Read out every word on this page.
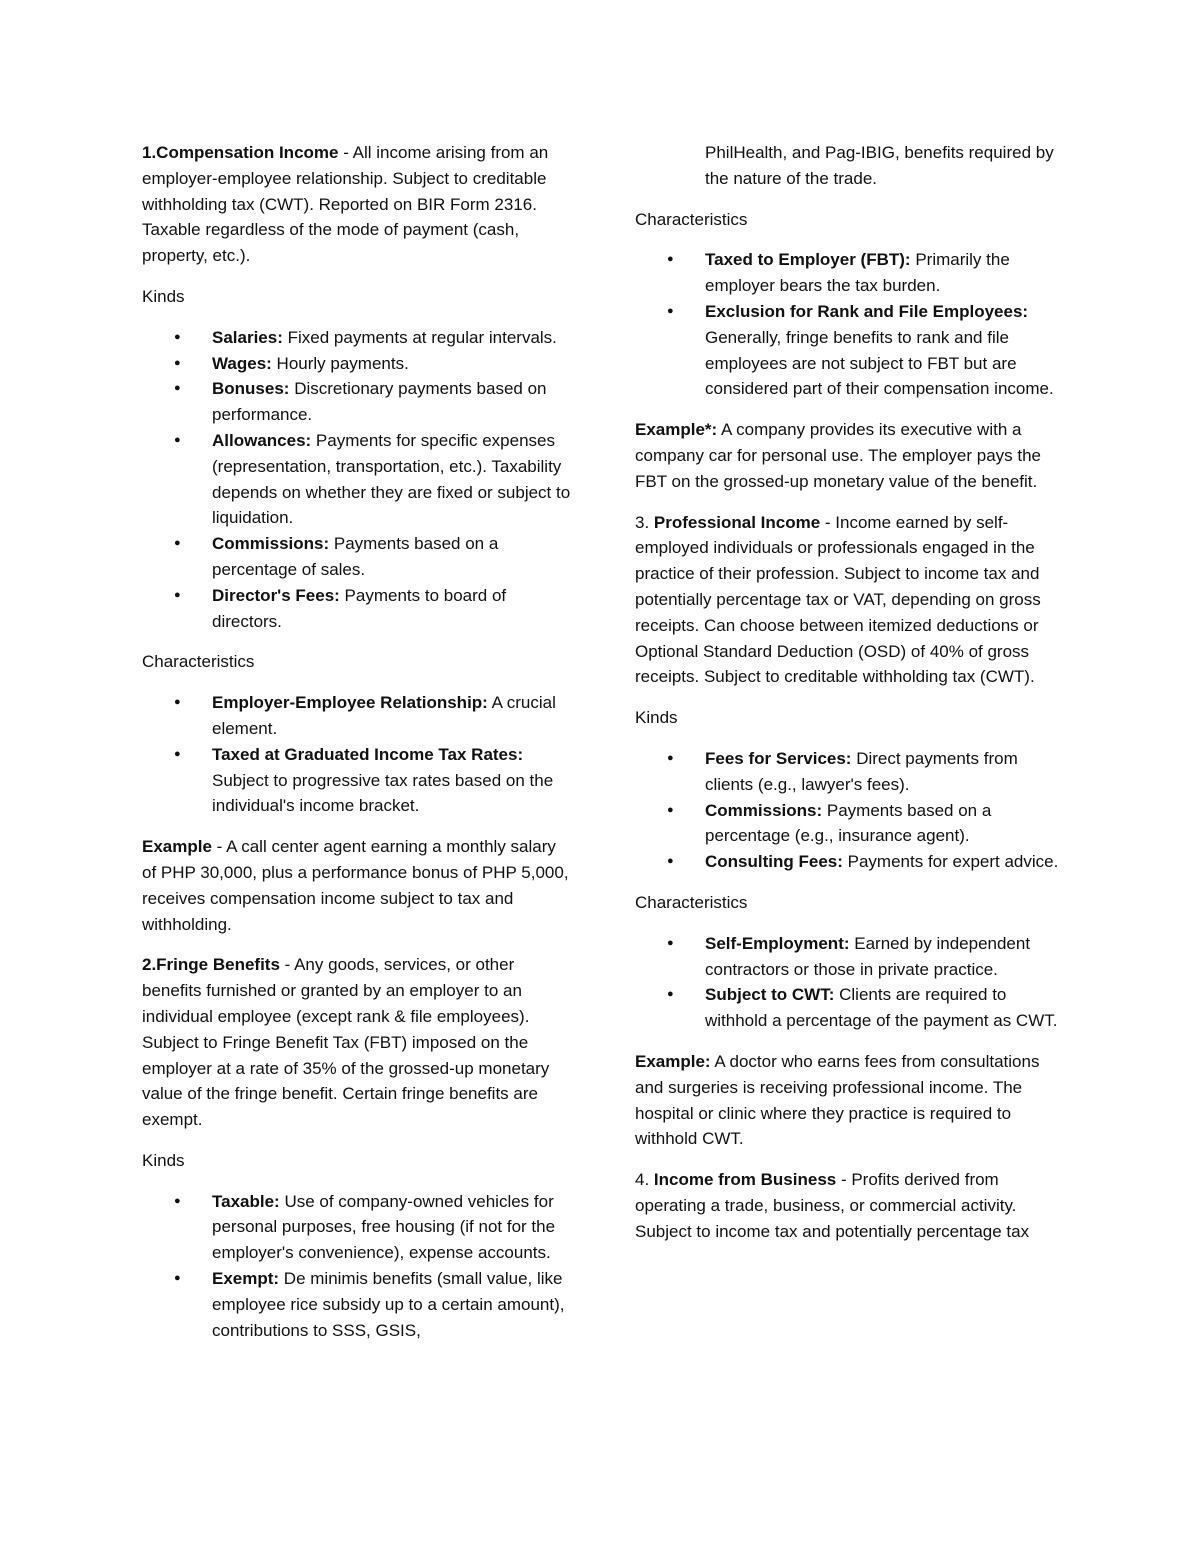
1.Compensation Income - All income arising from an employer-employee relationship. Subject to creditable withholding tax (CWT). Reported on BIR Form 2316. Taxable regardless of the mode of payment (cash, property, etc.).

Kinds

● Salaries: Fixed payments at regular intervals.
● Wages: Hourly payments.
● Bonuses: Discretionary payments based on performance.
● Allowances: Payments for specific expenses (representation, transportation, etc.). Taxability depends on whether they are fixed or subject to liquidation.
● Commissions: Payments based on a percentage of sales.
● Director's Fees: Payments to board of directors.

Characteristics

● Employer-Employee Relationship: A crucial element.
● Taxed at Graduated Income Tax Rates: Subject to progressive tax rates based on the individual's income bracket.

Example - A call center agent earning a monthly salary of PHP 30,000, plus a performance bonus of PHP 5,000, receives compensation income subject to tax and withholding.

2.Fringe Benefits - Any goods, services, or other benefits furnished or granted by an employer to an individual employee (except rank & file employees). Subject to Fringe Benefit Tax (FBT) imposed on the employer at a rate of 35% of the grossed-up monetary value of the fringe benefit. Certain fringe benefits are exempt.

Kinds

● Taxable: Use of company-owned vehicles for personal purposes, free housing (if not for the employer's convenience), expense accounts.
● Exempt: De minimis benefits (small value, like employee rice subsidy up to a certain amount), contributions to SSS, GSIS,

PhilHealth, and Pag-IBIG, benefits required by the nature of the trade.

Characteristics

● Taxed to Employer (FBT): Primarily the employer bears the tax burden.
● Exclusion for Rank and File Employees: Generally, fringe benefits to rank and file employees are not subject to FBT but are considered part of their compensation income.

Example*: A company provides its executive with a company car for personal use. The employer pays the FBT on the grossed-up monetary value of the benefit.

3. Professional Income - Income earned by self-employed individuals or professionals engaged in the practice of their profession. Subject to income tax and potentially percentage tax or VAT, depending on gross receipts. Can choose between itemized deductions or Optional Standard Deduction (OSD) of 40% of gross receipts. Subject to creditable withholding tax (CWT).

Kinds

● Fees for Services: Direct payments from clients (e.g., lawyer's fees).
● Commissions: Payments based on a percentage (e.g., insurance agent).
● Consulting Fees: Payments for expert advice.

Characteristics

● Self-Employment: Earned by independent contractors or those in private practice.
● Subject to CWT: Clients are required to withhold a percentage of the payment as CWT.

Example: A doctor who earns fees from consultations and surgeries is receiving professional income. The hospital or clinic where they practice is required to withhold CWT.

4. Income from Business - Profits derived from operating a trade, business, or commercial activity. Subject to income tax and potentially percentage tax
